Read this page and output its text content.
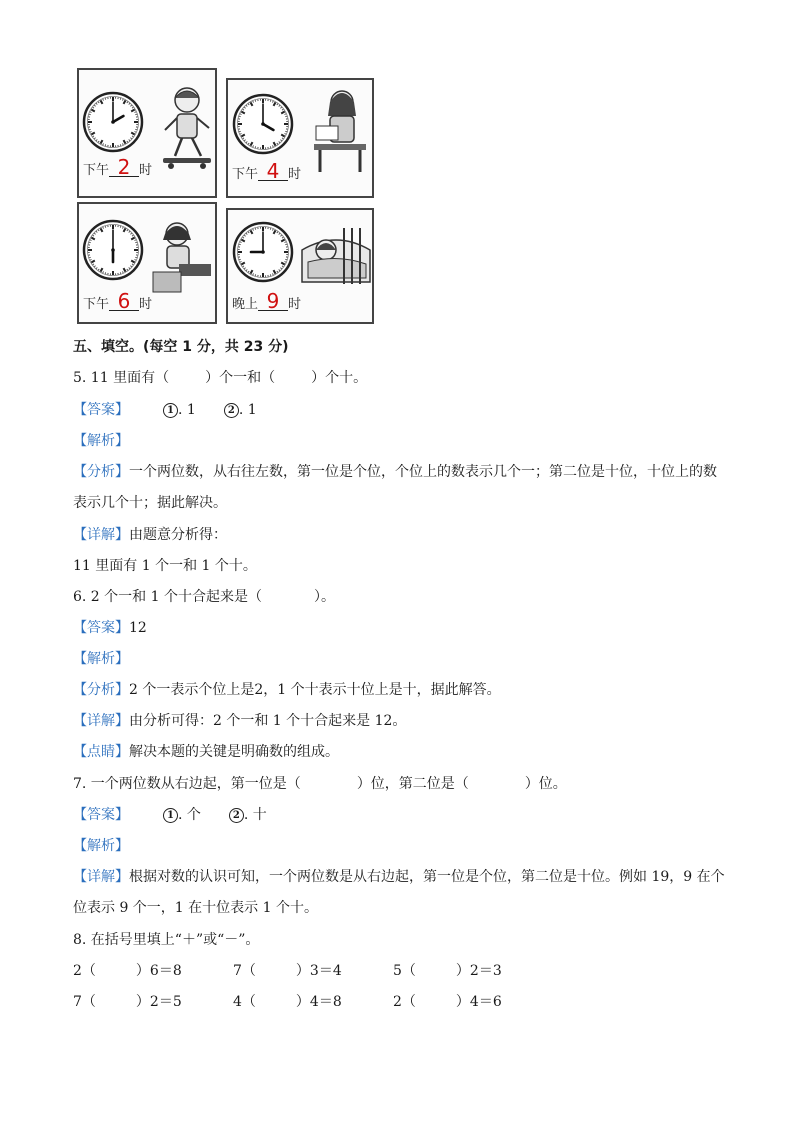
下午 2 时	下午 4 时
下午 6 时	晚上 9 时
五、填空。(每空 1 分，共 23 分)
5. 11 里面有（	）个一和（	）个十。
【答案】	1 . 1	2 . 1
【解析】
【分析】一个两位数，从右往左数，第一位是个位，个位上的数表示几个一；第二位是十位，十位上的数
表示几个十；据此解决。
【详解】由题意分析得：
11 里面有 1 个一和 1 个十。
6. 2 个一和 1 个十合起来是（	）。
【答案】12
【解析】
【分析】2 个一表示个位上是2，1 个十表示十位上是十，据此解答。
【详解】由分析可得：2 个一和 1 个十合起来是 12。
【点睛】解决本题的关键是明确数的组成。
7. 一个两位数从右边起，第一位是（	）位，第二位是（	）位。
【答案】	1 . 个	2 . 十
【解析】
【详解】根据对数的认识可知，一个两位数是从右边起，第一位是个位，第二位是十位。例如 19，9 在个
位表示 9 个一，1 在十位表示 1 个十。
8. 在括号里填上“＋”或“－”。
2（	）6＝8	7（	）3＝4	5（	）2＝3
7（	）2＝5	4（	）4＝8	2（	）4＝6
